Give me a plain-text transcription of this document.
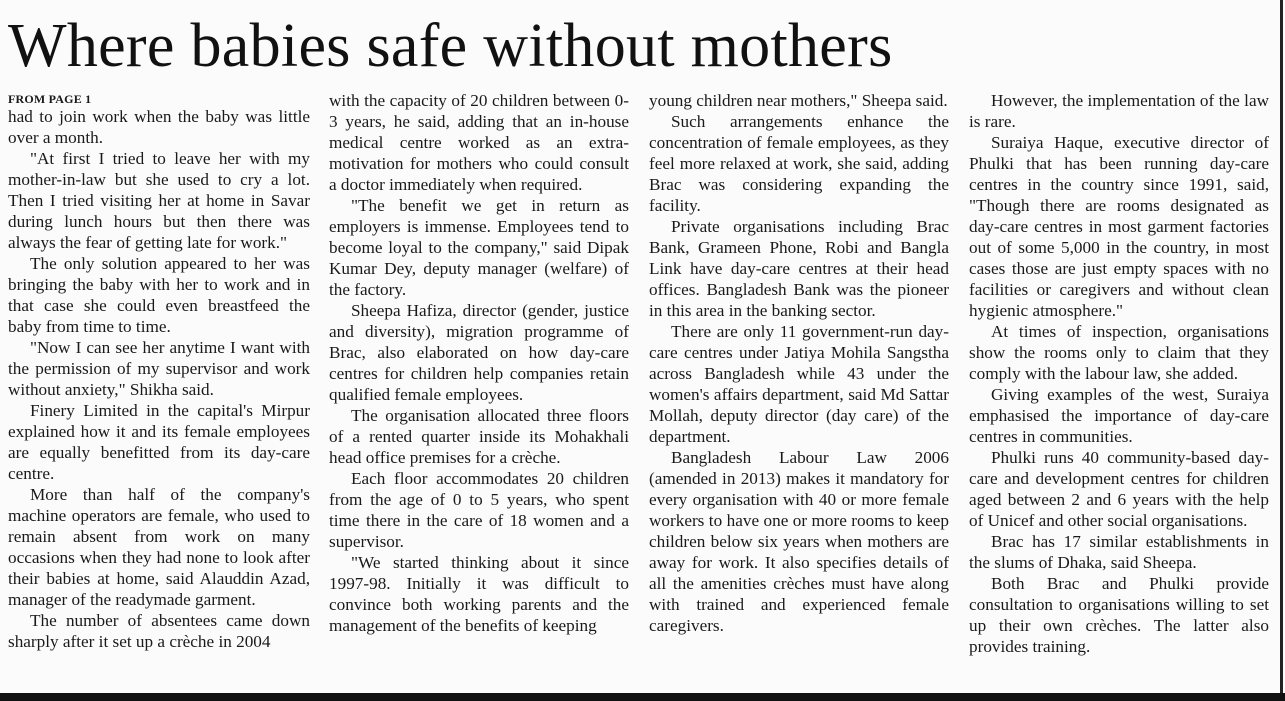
Where babies safe without mothers
FROM PAGE 1

had to join work when the baby was little over a month.

"At first I tried to leave her with my mother-in-law but she used to cry a lot. Then I tried visiting her at home in Savar during lunch hours but then there was always the fear of getting late for work."

The only solution appeared to her was bringing the baby with her to work and in that case she could even breastfeed the baby from time to time.

"Now I can see her anytime I want with the permission of my supervisor and work without anxiety," Shikha said.

Finery Limited in the capital's Mirpur explained how it and its female employees are equally benefitted from its day-care centre.

More than half of the company's machine operators are female, who used to remain absent from work on many occasions when they had none to look after their babies at home, said Alauddin Azad, manager of the readymade garment.

The number of absentees came down sharply after it set up a crèche in 2004

with the capacity of 20 children between 0-3 years, he said, adding that an in-house medical centre worked as an extra-motivation for mothers who could consult a doctor immediately when required.

"The benefit we get in return as employers is immense. Employees tend to become loyal to the company," said Dipak Kumar Dey, deputy manager (welfare) of the factory.

Sheepa Hafiza, director (gender, justice and diversity), migration programme of Brac, also elaborated on how day-care centres for children help companies retain qualified female employees.

The organisation allocated three floors of a rented quarter inside its Mohakhali head office premises for a crèche.

Each floor accommodates 20 children from the age of 0 to 5 years, who spent time there in the care of 18 women and a supervisor.

"We started thinking about it since 1997-98. Initially it was difficult to convince both working parents and the management of the benefits of keeping

young children near mothers," Sheepa said.

Such arrangements enhance the concentration of female employees, as they feel more relaxed at work, she said, adding Brac was considering expanding the facility.

Private organisations including Brac Bank, Grameen Phone, Robi and Bangla Link have day-care centres at their head offices. Bangladesh Bank was the pioneer in this area in the banking sector.

There are only 11 government-run day-care centres under Jatiya Mohila Sangstha across Bangladesh while 43 under the women's affairs department, said Md Sattar Mollah, deputy director (day care) of the department.

Bangladesh Labour Law 2006 (amended in 2013) makes it mandatory for every organisation with 40 or more female workers to have one or more rooms to keep children below six years when mothers are away for work. It also specifies details of all the amenities crèches must have along with trained and experienced female caregivers.

However, the implementation of the law is rare.

Suraiya Haque, executive director of Phulki that has been running day-care centres in the country since 1991, said, "Though there are rooms designated as day-care centres in most garment factories out of some 5,000 in the country, in most cases those are just empty spaces with no facilities or caregivers and without clean hygienic atmosphere."

At times of inspection, organisations show the rooms only to claim that they comply with the labour law, she added.

Giving examples of the west, Suraiya emphasised the importance of day-care centres in communities.

Phulki runs 40 community-based day-care and development centres for children aged between 2 and 6 years with the help of Unicef and other social organisations.

Brac has 17 similar establishments in the slums of Dhaka, said Sheepa.

Both Brac and Phulki provide consultation to organisations willing to set up their own crèches. The latter also provides training.
